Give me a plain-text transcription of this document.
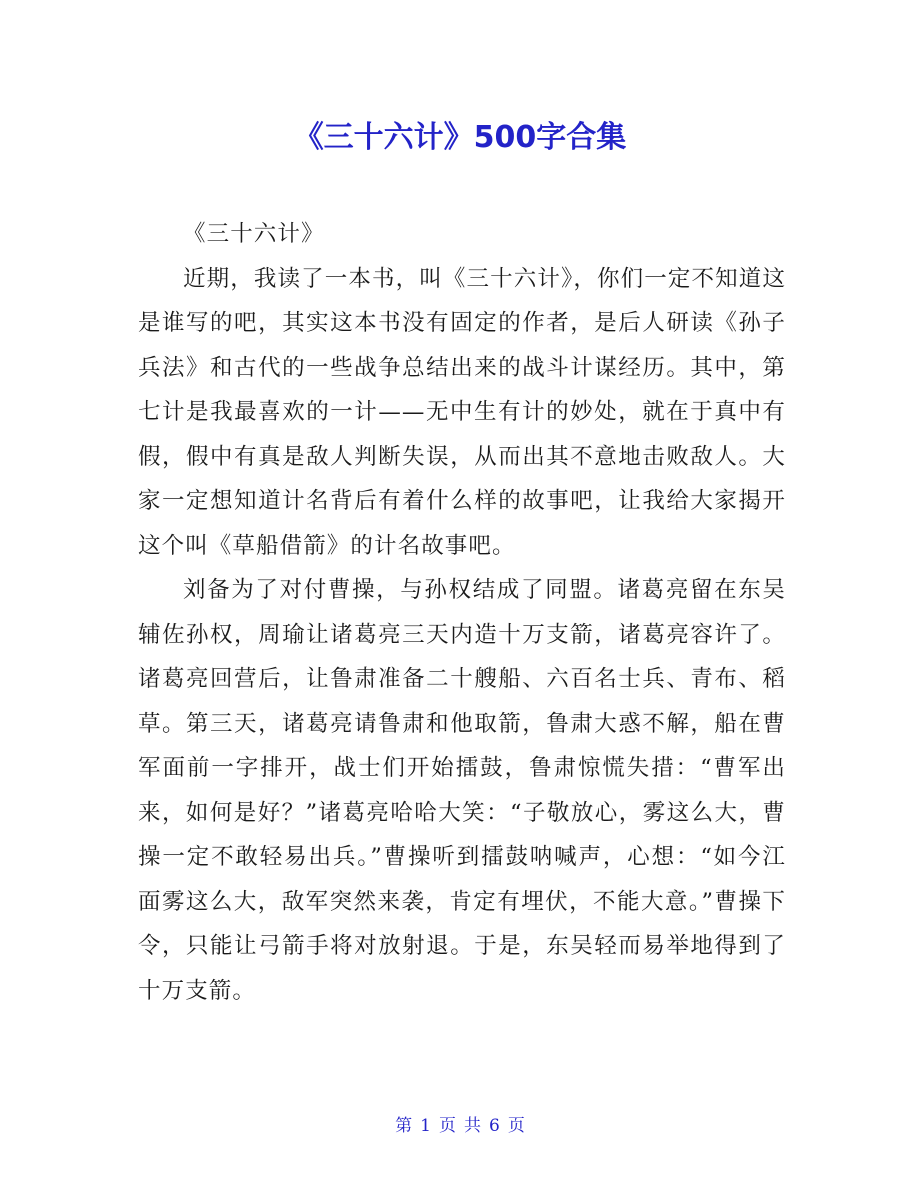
《三十六计》500字合集

《三十六计》

近期，我读了一本书，叫《三十六计》，你们一定不知道这是谁写的吧，其实这本书没有固定的作者，是后人研读《孙子兵法》和古代的一些战争总结出来的战斗计谋经历。其中，第七计是我最喜欢的一计——无中生有计的妙处，就在于真中有假，假中有真是敌人判断失误，从而出其不意地击败敌人。大家一定想知道计名背后有着什么样的故事吧，让我给大家揭开这个叫《草船借箭》的计名故事吧。

刘备为了对付曹操，与孙权结成了同盟。诸葛亮留在东吴辅佐孙权，周瑜让诸葛亮三天内造十万支箭，诸葛亮容许了。诸葛亮回营后，让鲁肃准备二十艘船、六百名士兵、青布、稻草。第三天，诸葛亮请鲁肃和他取箭，鲁肃大惑不解，船在曹军面前一字排开，战士们开始擂鼓，鲁肃惊慌失措：“曹军出来，如何是好？”诸葛亮哈哈大笑：“子敬放心，雾这么大，曹操一定不敢轻易出兵。”曹操听到擂鼓呐喊声，心想：“如今江面雾这么大，敌军突然来袭，肯定有埋伏，不能大意。”曹操下令，只能让弓箭手将对放射退。于是，东吴轻而易举地得到了十万支箭。

第 1 页 共 6 页
